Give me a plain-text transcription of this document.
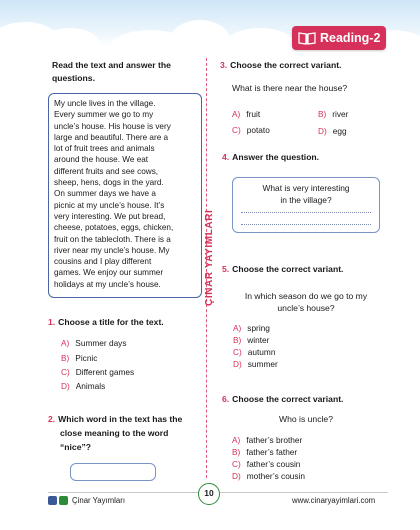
Reading-2
ÇINAR YAYIMLARI
Read the text and answer the
questions.
My uncle lives in the village.
Every summer we go to my
uncle’s house. His house is very
large and beautiful. There are a
lot of fruit trees and animals
around the house. We eat
different fruits and see cows,
sheep, hens, dogs in the yard.
On summer days we have a
picnic at my uncle’s house. It’s
very interesting. We put bread,
cheese, potatoes, eggs, chicken,
fruit on the tablecloth. There is a
river near my uncle’s house. My
cousins and I play different
games. We enjoy our summer
holidays at my uncle’s house.
1. Choose a title for the text.
A) Summer days
B) Picnic
C) Different games
D) Animals
2. Which word in the text has the
close meaning to the word
“nice”?
3. Choose the correct variant.
What is there near the house?
A) fruit	B) river
C) potato	D) egg
4. Answer the question.
What is very interesting
in the village?
5. Choose the correct variant.
In which season do we go to my
uncle’s house?
A) spring
B) winter
C) autumn
D) summer
6. Choose the correct variant.
Who is uncle?
A) father’s brother
B) father’s father
C) father’s cousin
D) mother’s cousin
Çinar Yayımları
10
www.cinaryayimlari.com
